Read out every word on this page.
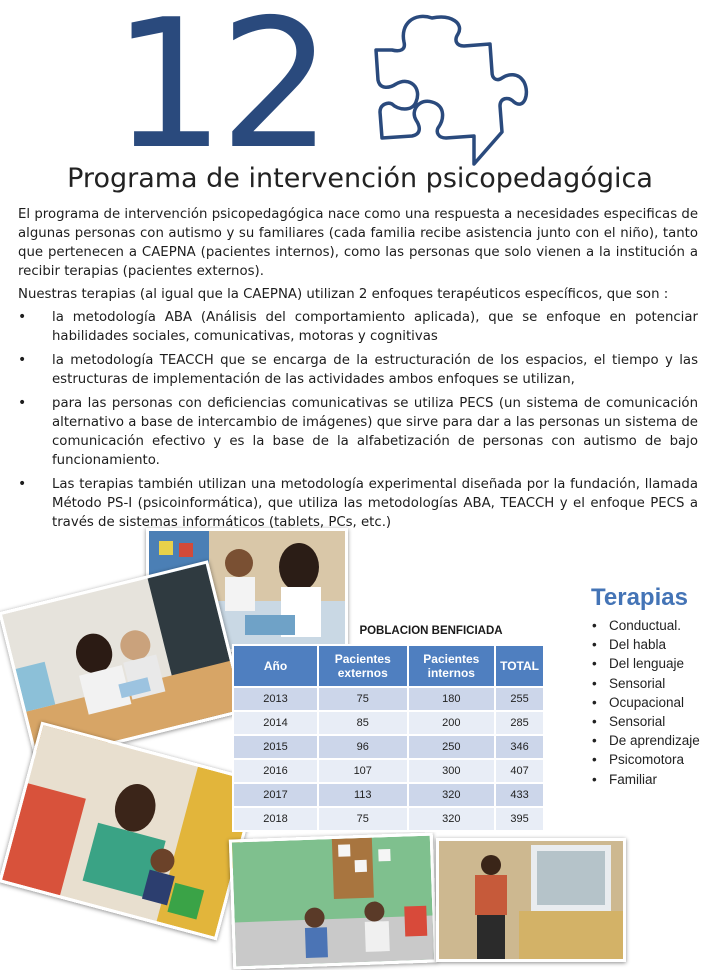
12
Programa de intervención psicopedagógica

El programa de intervención psicopedagógica nace como una respuesta a necesidades especificas de algunas personas con autismo y su familiares (cada familia recibe asistencia junto con el niño), tanto que pertenecen a CAEPNA (pacientes internos), como las personas que solo vienen a la institución a recibir terapias (pacientes externos).

Nuestras terapias (al igual que la CAEPNA) utilizan 2 enfoques terapéuticos específicos, que son :

• la metodología ABA (Análisis del comportamiento aplicada), que se enfoque en potenciar habilidades sociales, comunicativas, motoras y cognitivas
• la metodología TEACCH que se encarga de la estructuración de los espacios, el tiempo y las estructuras de implementación de las actividades ambos enfoques se utilizan,
• para las personas con deficiencias comunicativas se utiliza PECS (un sistema de comunicación alternativo a base de intercambio de imágenes) que sirve para dar a las personas un sistema de comunicación efectivo y es la base de la alfabetización de personas con autismo de bajo funcionamiento.
• Las terapias también utilizan una metodología experimental diseñada por la fundación, llamada Método PS-I (psicoinformática), que utiliza las metodologías ABA, TEACCH y el enfoque PECS a través de sistemas informáticos (tablets, PCs, etc.)
POBLACION BENFICIADA
Año	Pacientes externos	Pacientes internos	TOTAL
2013	75	180	255
2014	85	200	285
2015	96	250	346
2016	107	300	407
2017	113	320	433
2018	75	320	395
Terapias
• Conductual.
• Del habla
• Del lenguaje
• Sensorial
• Ocupacional
• Sensorial
• De aprendizaje
• Psicomotora
• Familiar
